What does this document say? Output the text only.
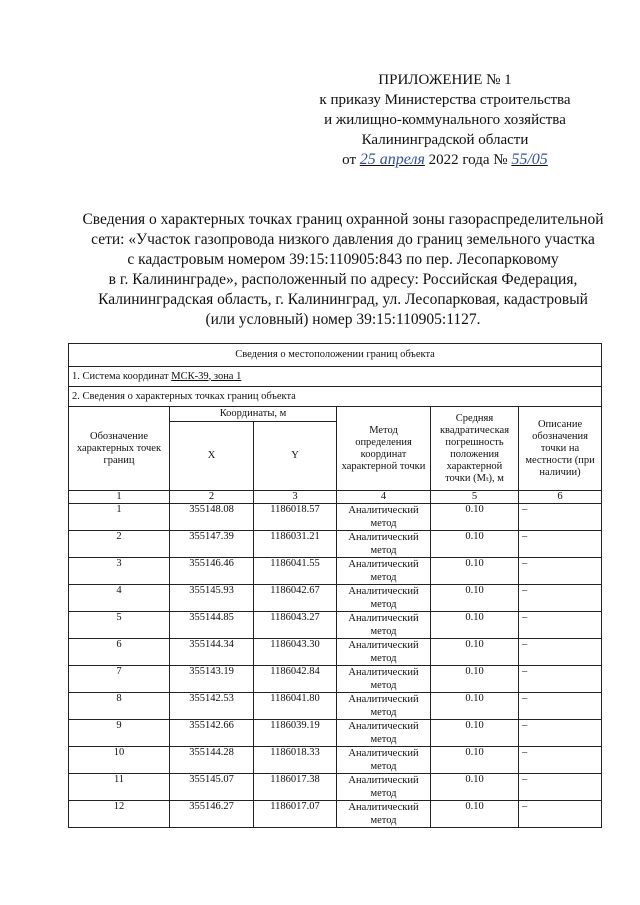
ПРИЛОЖЕНИЕ № 1
к приказу Министерства строительства
и жилищно-коммунального хозяйства
Калининградской области
от 25 апреля 2022 года № 55/05
Сведения о характерных точках границ охранной зоны газораспределительной
сети: «Участок газопровода низкого давления до границ земельного участка
с кадастровым номером 39:15:110905:843 по пер. Лесопарковому
в г. Калининграде», расположенный по адресу: Российская Федерация,
Калининградская область, г. Калининград, ул. Лесопарковая, кадастровый
(или условный) номер 39:15:110905:1127.
Сведения о местоположении границ объекта					
1. Система координат МСК-39, зона 1					
2. Сведения о характерных точках границ объекта					
Обозначение характерных точек границ	Координаты, м		Метод определения координат характерной точки	Средняя квадратическая погрешность положения характерной точки (Mₜ), м	Описание обозначения точки на местности (при наличии)
	X	Y			
1	2	3	4	5	6
1	355148.08	1186018.57	Аналитический метод	0.10	–
2	355147.39	1186031.21	Аналитический метод	0.10	–
3	355146.46	1186041.55	Аналитический метод	0.10	–
4	355145.93	1186042.67	Аналитический метод	0.10	–
5	355144.85	1186043.27	Аналитический метод	0.10	–
6	355144.34	1186043.30	Аналитический метод	0.10	–
7	355143.19	1186042.84	Аналитический метод	0.10	–
8	355142.53	1186041.80	Аналитический метод	0.10	–
9	355142.66	1186039.19	Аналитический метод	0.10	–
10	355144.28	1186018.33	Аналитический метод	0.10	–
11	355145.07	1186017.38	Аналитический метод	0.10	–
12	355146.27	1186017.07	Аналитический метод	0.10	–
